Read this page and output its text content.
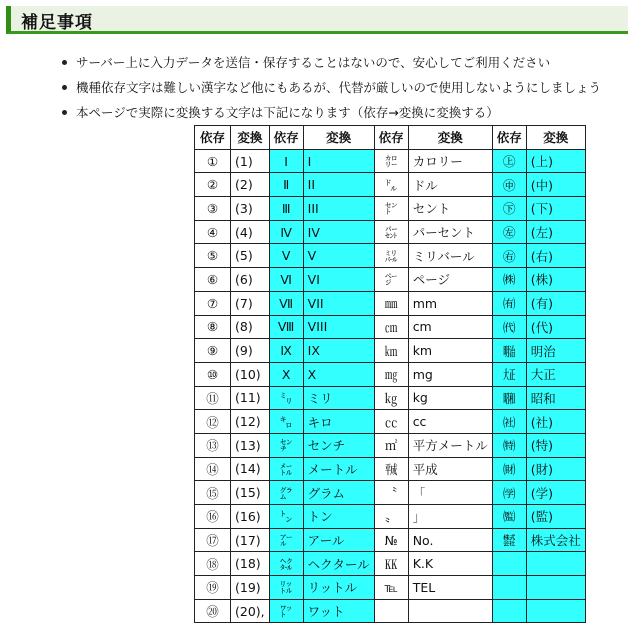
補足事項
サーバー上に入力データを送信・保存することはないので、安心してご利用ください
機種依存文字は難しい漢字など他にもあるが、代替が厳しいので使用しないようにしましょう
本ページで実際に変換する文字は下記になります（依存→変換に変換する）
依存	変換	依存	変換	依存	変換	依存	変換
①	(1)	Ⅰ	I	㌍	カロリー	㊤	(上)
②	(2)	Ⅱ	II	㌦	ドル	㊥	(中)
③	(3)	Ⅲ	III	㌣	セント	㊦	(下)
④	(4)	Ⅳ	IV	㌫	パーセント	㊧	(左)
⑤	(5)	Ⅴ	V	㍊	ミリバール	㊨	(右)
⑥	(6)	Ⅵ	VI	㌻	ページ	㈱	(株)
⑦	(7)	Ⅶ	VII	㎜	mm	㈲	(有)
⑧	(8)	Ⅷ	VIII	㎝	cm	㈹	(代)
⑨	(9)	Ⅸ	IX	㎞	km	㍾	明治
⑩	(10)	Ⅹ	X	㎎	mg	㍽	大正
⑪	(11)	㍉	ミリ	㎏	kg	㍼	昭和
⑫	(12)	㌔	キロ	㏄	cc	㈳	(社)
⑬	(13)	㌢	センチ	㎡	平方メートル	㈵	(特)
⑭	(14)	㍍	メートル	㍻	平成	㈶	(財)
⑮	(15)	㌘	グラム	〝	「	㈻	(学)
⑯	(16)	㌧	トン	〟	」	㈼	(監)
⑰	(17)	㌃	アール	№	No.	㍿	株式会社
⑱	(18)	㌶	ヘクタール	㏍	K.K		
⑲	(19)	㍑	リットル	℡	TEL		
⑳	(20),	㍗	ワット				
